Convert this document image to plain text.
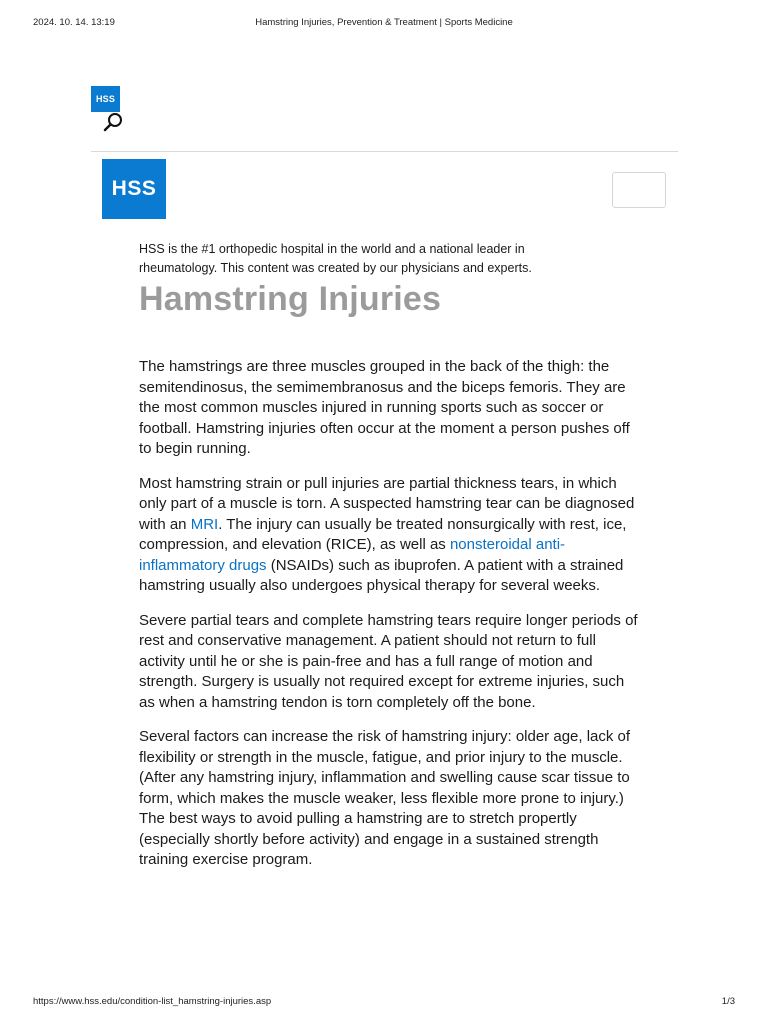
2024. 10. 14. 13:19	Hamstring Injuries, Prevention & Treatment | Sports Medicine
HSS
HSS
HSS is the #1 orthopedic hospital in the world and a national leader in rheumatology. This content was created by our physicians and experts.
Hamstring Injuries

The hamstrings are three muscles grouped in the back of the thigh: the semitendinosus, the semimembranosus and the biceps femoris. They are the most common muscles injured in running sports such as soccer or football. Hamstring injuries often occur at the moment a person pushes off to begin running.

Most hamstring strain or pull injuries are partial thickness tears, in which only part of a muscle is torn. A suspected hamstring tear can be diagnosed with an MRI. The injury can usually be treated nonsurgically with rest, ice, compression, and elevation (RICE), as well as nonsteroidal anti-inflammatory drugs (NSAIDs) such as ibuprofen. A patient with a strained hamstring usually also undergoes physical therapy for several weeks.

Severe partial tears and complete hamstring tears require longer periods of rest and conservative management. A patient should not return to full activity until he or she is pain-free and has a full range of motion and strength. Surgery is usually not required except for extreme injuries, such as when a hamstring tendon is torn completely off the bone.

Several factors can increase the risk of hamstring injury: older age, lack of flexibility or strength in the muscle, fatigue, and prior injury to the muscle. (After any hamstring injury, inflammation and swelling cause scar tissue to form, which makes the muscle weaker, less flexible more prone to injury.) The best ways to avoid pulling a hamstring are to stretch propertly (especially shortly before activity) and engage in a sustained strength training exercise program.

https://www.hss.edu/condition-list_hamstring-injuries.asp	1/3
